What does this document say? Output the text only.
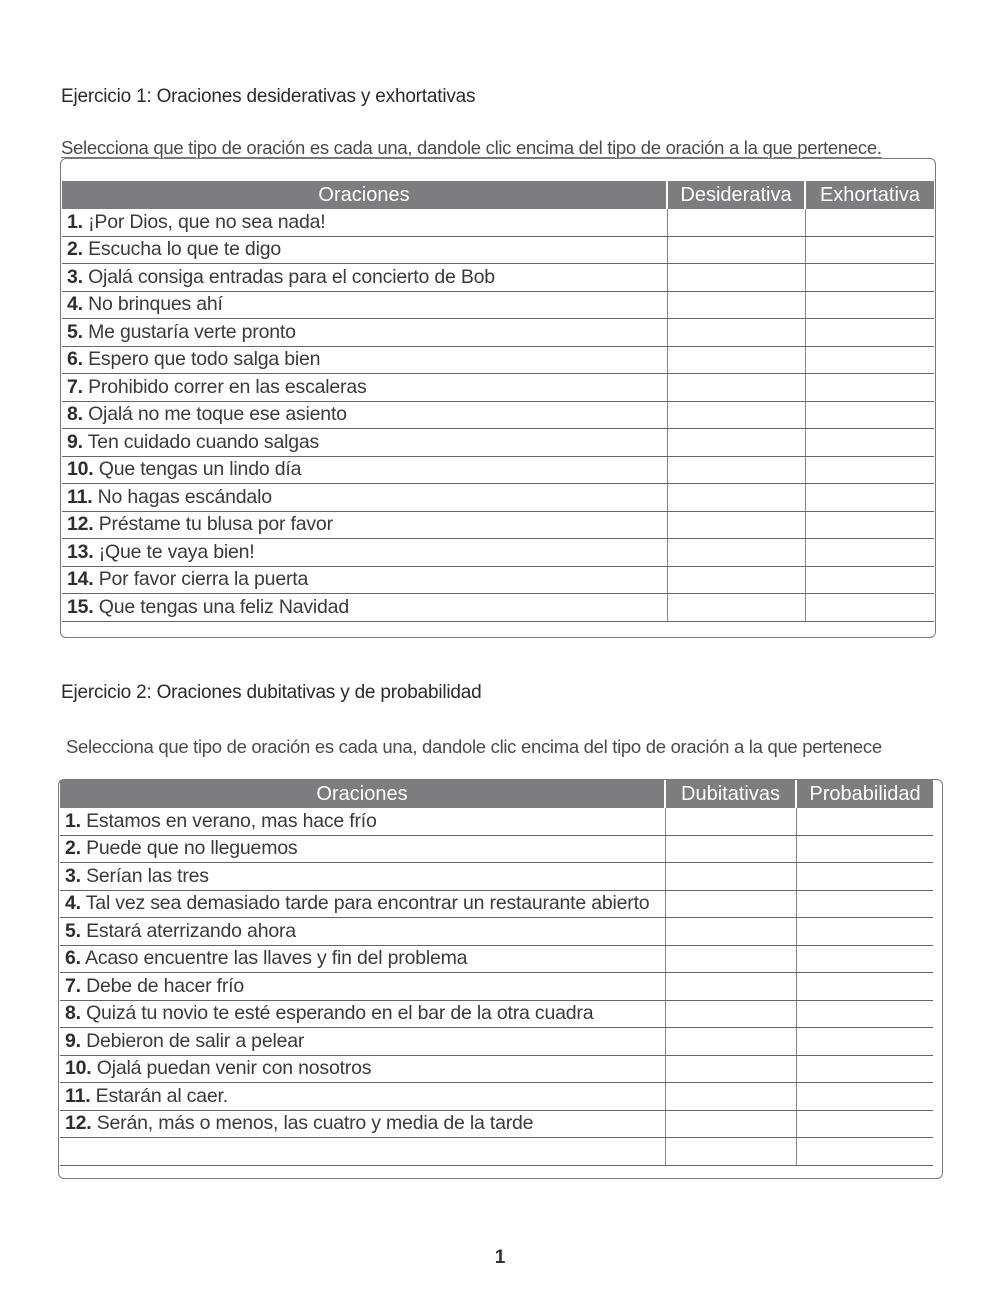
Ejercicio 1: Oraciones desiderativas y exhortativas
Selecciona que tipo de oración es cada una, dandole clic encima del tipo de oración a la que pertenece.
Oraciones	Desiderativa	Exhortativa
1. ¡Por Dios, que no sea nada!		
2. Escucha lo que te digo		
3. Ojalá consiga entradas para el concierto de Bob		
4. No brinques ahí		
5. Me gustaría verte pronto		
6. Espero que todo salga bien		
7. Prohibido correr en las escaleras		
8. Ojalá no me toque ese asiento		
9. Ten cuidado cuando salgas		
10. Que tengas un lindo día		
11. No hagas escándalo		
12. Préstame tu blusa por favor		
13. ¡Que te vaya bien!		
14. Por favor cierra la puerta		
15. Que tengas una feliz Navidad		
Ejercicio 2: Oraciones dubitativas y de probabilidad
Selecciona que tipo de oración es cada una, dandole clic encima del tipo de oración a la que pertenece
Oraciones	Dubitativas	Probabilidad
1. Estamos en verano, mas hace frío		
2. Puede que no lleguemos		
3. Serían las tres		
4. Tal vez sea demasiado tarde para encontrar un restaurante abierto		
5. Estará aterrizando ahora		
6. Acaso encuentre las llaves y fin del problema		
7. Debe de hacer frío		
8. Quizá tu novio te esté esperando en el bar de la otra cuadra		
9. Debieron de salir a pelear		
10. Ojalá puedan venir con nosotros		
11. Estarán al caer.		
12. Serán, más o menos, las cuatro y media de la tarde		

1
